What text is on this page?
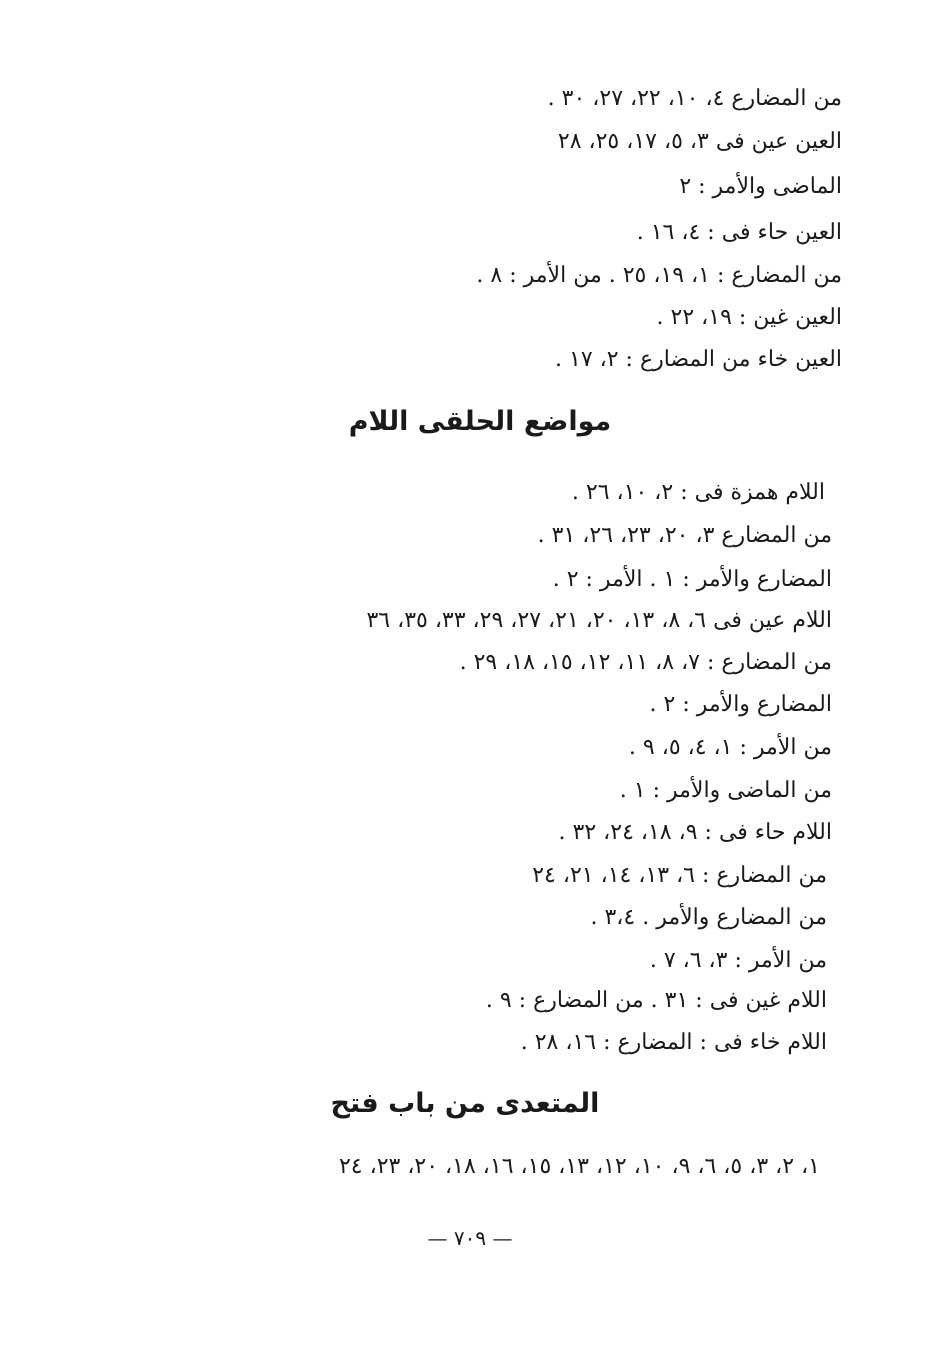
من المضارع ٤، ١٠، ٢٢، ٢٧، ٣٠ .
العين عين فى ٣، ٥، ١٧، ٢٥، ٢٨
الماضى والأمر : ٢
العين حاء فى : ٤، ١٦ .
من المضارع : ١، ١٩، ٢٥ . من الأمر : ٨ .
العين غين : ١٩، ٢٢ .
العين خاء من المضارع : ٢، ١٧ .
مواضع الحلقى اللام
اللام همزة فى : ٢، ١٠، ٢٦ .
من المضارع ٣، ٢٠، ٢٣، ٢٦، ٣١ .
المضارع والأمر : ١ . الأمر : ٢ .
اللام عين فى ٦، ٨، ١٣، ٢٠، ٢١، ٢٧، ٢٩، ٣٣، ٣٥، ٣٦
من المضارع : ٧، ٨، ١١، ١٢، ١٥، ١٨، ٢٩ .
المضارع والأمر : ٢ .
من الأمر : ١، ٤، ٥، ٩ .
من الماضى والأمر : ١ .
اللام حاء فى : ٩، ١٨، ٢٤، ٣٢ .
من المضارع : ٦، ١٣، ١٤، ٢١، ٢٤
من المضارع والأمر . ٣،٤ .
من الأمر : ٣، ٦، ٧ .
اللام غين فى : ٣١ . من المضارع : ٩ .
اللام خاء فى : المضارع : ١٦، ٢٨ .
المتعدى من باب فتح
١، ٢، ٣، ٥، ٦، ٩، ١٠، ١٢، ١٣، ١٥، ١٦، ١٨، ٢٠، ٢٣، ٢٤
— ٧٠٩ —
